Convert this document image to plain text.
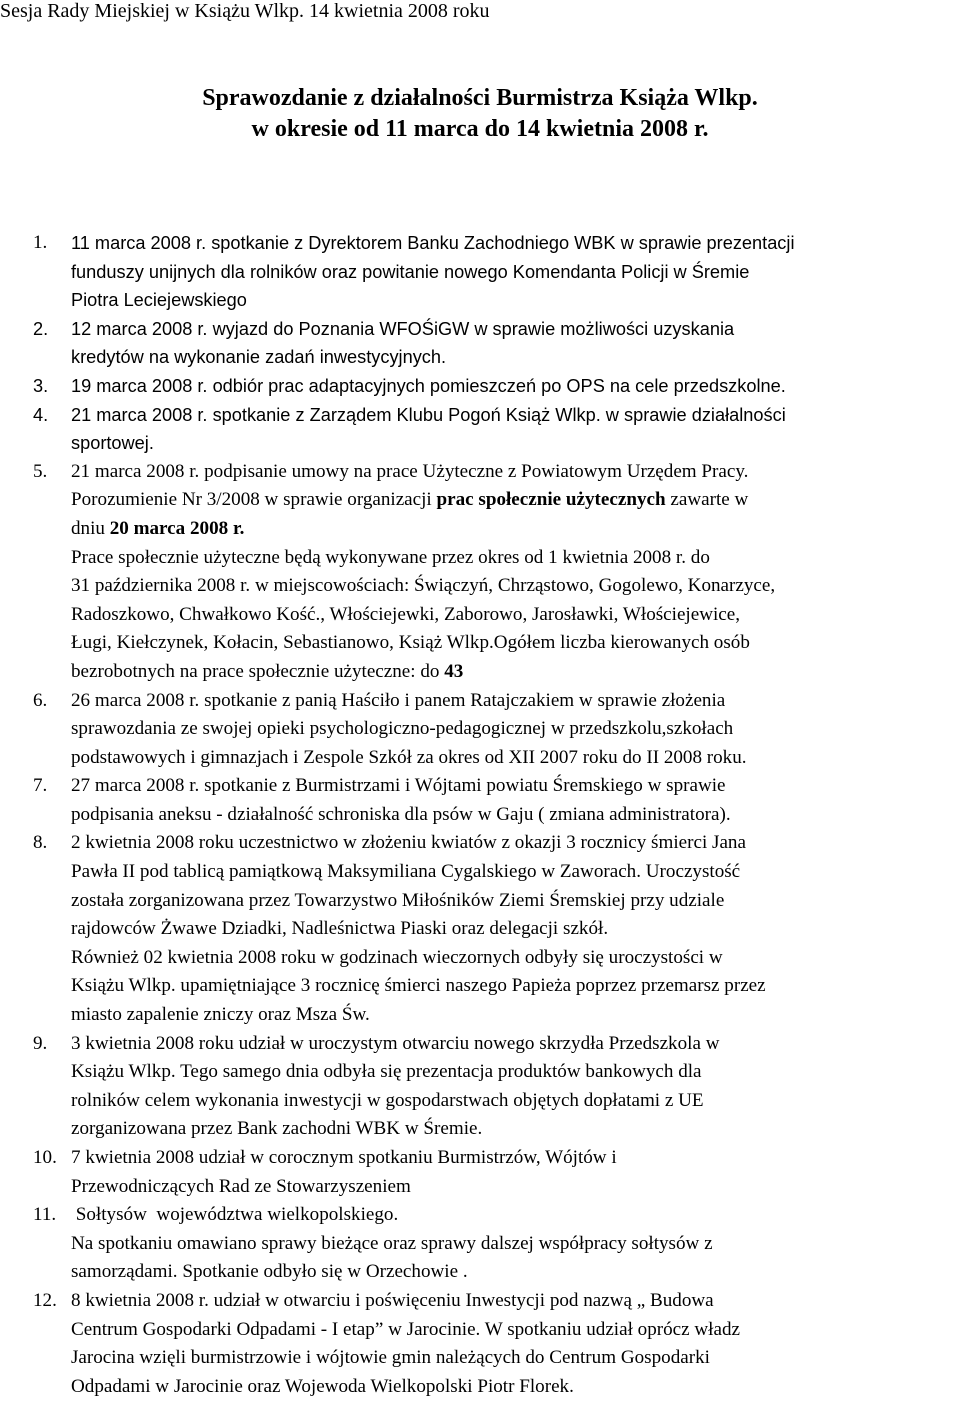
Sesja Rady Miejskiej w Książu Wlkp. 14 kwietnia 2008 roku
Sprawozdanie z działalności Burmistrza Książa Wlkp.
w okresie od 11 marca do 14 kwietnia 2008 r.
1. 11 marca 2008 r. spotkanie z Dyrektorem Banku Zachodniego WBK w sprawie prezentacji
funduszy unijnych dla rolników oraz powitanie nowego Komendanta Policji w Śremie
Piotra Leciejewskiego
2. 12 marca 2008 r. wyjazd do Poznania WFOŚiGW w sprawie możliwości uzyskania
kredytów na wykonanie zadań inwestycyjnych.
3. 19 marca 2008 r. odbiór prac adaptacyjnych pomieszczeń po OPS na cele przedszkolne.
4. 21 marca 2008 r. spotkanie z Zarządem Klubu Pogoń Książ Wlkp. w sprawie działalności
sportowej.
5. 21 marca 2008 r. podpisanie umowy na prace Użyteczne z Powiatowym Urzędem Pracy.
Porozumienie Nr 3/2008 w sprawie organizacji prac społecznie użytecznych zawarte w
dniu 20 marca 2008 r.
Prace społecznie użyteczne będą wykonywane przez okres od 1 kwietnia 2008 r. do
31 października 2008 r. w miejscowościach: Świączyń, Chrząstowo, Gogolewo, Konarzyce,
Radoszkowo, Chwałkowo Kość., Włościejewki, Zaborowo, Jarosławki, Włościejewice,
Ługi, Kiełczynek, Kołacin, Sebastianowo, Książ Wlkp.Ogółem liczba kierowanych osób
bezrobotnych na prace społecznie użyteczne: do 43
6. 26 marca 2008 r. spotkanie z panią Haściło i panem Ratajczakiem w sprawie złożenia
sprawozdania ze swojej opieki psychologiczno-pedagogicznej w przedszkolu,szkołach
podstawowych i gimnazjach i Zespole Szkół za okres od XII 2007 roku do II 2008 roku.
7. 27 marca 2008 r. spotkanie z Burmistrzami i Wójtami powiatu Śremskiego w sprawie
podpisania aneksu - działalność schroniska dla psów w Gaju ( zmiana administratora).
8. 2 kwietnia 2008 roku uczestnictwo w złożeniu kwiatów z okazji 3 rocznicy śmierci Jana
Pawła II pod tablicą pamiątkową Maksymiliana Cygalskiego w Zaworach. Uroczystość
została zorganizowana przez Towarzystwo Miłośników Ziemi Śremskiej przy udziale
rajdowców Żwawe Dziadki, Nadleśnictwa Piaski oraz delegacji szkół.
Również 02 kwietnia 2008 roku w godzinach wieczornych odbyły się uroczystości w
Książu Wlkp. upamiętniające 3 rocznicę śmierci naszego Papieża poprzez przemarsz przez
miasto zapalenie zniczy oraz Msza Św.
9. 3 kwietnia 2008 roku udział w uroczystym otwarciu nowego skrzydła Przedszkola w
Książu Wlkp. Tego samego dnia odbyła się prezentacja produktów bankowych dla
rolników celem wykonania inwestycji w gospodarstwach objętych dopłatami z UE
zorganizowana przez Bank zachodni WBK w Śremie.
10. 7 kwietnia 2008 udział w corocznym spotkaniu Burmistrzów, Wójtów i
Przewodniczących Rad ze Stowarzyszeniem
11. Sołtysów  województwa wielkopolskiego.
Na spotkaniu omawiano sprawy bieżące oraz sprawy dalszej współpracy sołtysów z
samorządami. Spotkanie odbyło się w Orzechowie .
12. 8 kwietnia 2008 r. udział w otwarciu i poświęceniu Inwestycji pod nazwą „ Budowa
Centrum Gospodarki Odpadami - I etap” w Jarocinie. W spotkaniu udział oprócz władz
Jarocina wzięli burmistrzowie i wójtowie gmin należących do Centrum Gospodarki
Odpadami w Jarocinie oraz Wojewoda Wielkopolski Piotr Florek.
